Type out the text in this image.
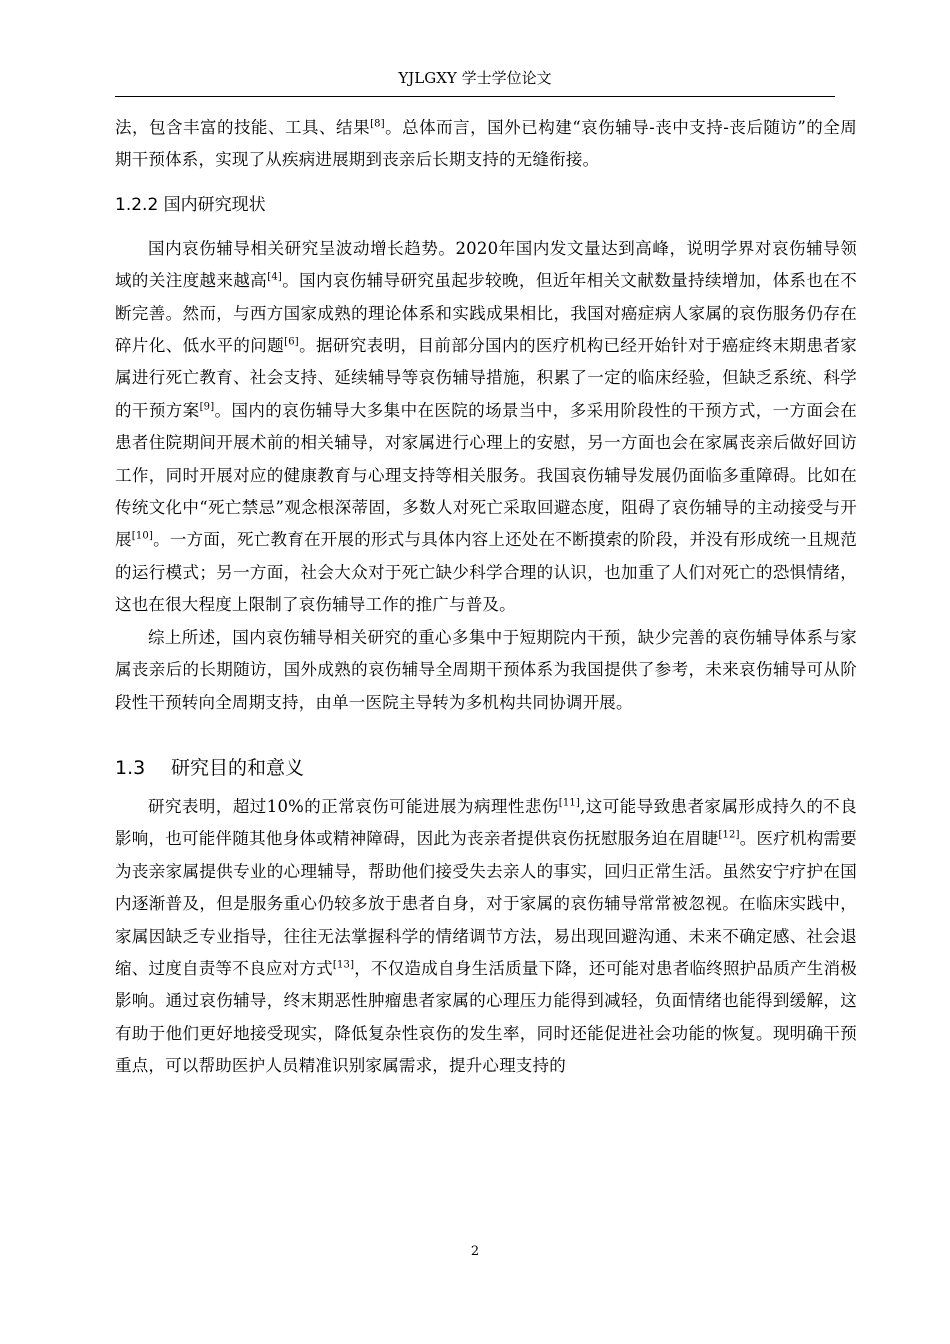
YJLGXY 学士学位论文

法，包含丰富的技能、工具、结果[8]。总体而言，国外已构建“哀伤辅导-丧中支持-丧后随访”的全周期干预体系，实现了从疾病进展期到丧亲后长期支持的无缝衔接。

1.2.2 国内研究现状

国内哀伤辅导相关研究呈波动增长趋势。2020年国内发文量达到高峰，说明学界对哀伤辅导领域的关注度越来越高[4]。国内哀伤辅导研究虽起步较晚，但近年相关文献数量持续增加，体系也在不断完善。然而，与西方国家成熟的理论体系和实践成果相比，我国对癌症病人家属的哀伤服务仍存在碎片化、低水平的问题[6]。据研究表明，目前部分国内的医疗机构已经开始针对于癌症终末期患者家属进行死亡教育、社会支持、延续辅导等哀伤辅导措施，积累了一定的临床经验，但缺乏系统、科学的干预方案[9]。国内的哀伤辅导大多集中在医院的场景当中，多采用阶段性的干预方式，一方面会在患者住院期间开展术前的相关辅导，对家属进行心理上的安慰，另一方面也会在家属丧亲后做好回访工作，同时开展对应的健康教育与心理支持等相关服务。我国哀伤辅导发展仍面临多重障碍。比如在传统文化中“死亡禁忌”观念根深蒂固，多数人对死亡采取回避态度，阻碍了哀伤辅导的主动接受与开展[10]。一方面，死亡教育在开展的形式与具体内容上还处在不断摸索的阶段，并没有形成统一且规范的运行模式；另一方面，社会大众对于死亡缺少科学合理的认识，也加重了人们对死亡的恐惧情绪，这也在很大程度上限制了哀伤辅导工作的推广与普及。

综上所述，国内哀伤辅导相关研究的重心多集中于短期院内干预，缺少完善的哀伤辅导体系与家属丧亲后的长期随访，国外成熟的哀伤辅导全周期干预体系为我国提供了参考，未来哀伤辅导可从阶段性干预转向全周期支持，由单一医院主导转为多机构共同协调开展。

1.3 研究目的和意义

研究表明，超过10%的正常哀伤可能进展为病理性悲伤[11],这可能导致患者家属形成持久的不良影响，也可能伴随其他身体或精神障碍，因此为丧亲者提供哀伤抚慰服务迫在眉睫[12]。医疗机构需要为丧亲家属提供专业的心理辅导，帮助他们接受失去亲人的事实，回归正常生活。虽然安宁疗护在国内逐渐普及，但是服务重心仍较多放于患者自身，对于家属的哀伤辅导常常被忽视。在临床实践中，家属因缺乏专业指导，往往无法掌握科学的情绪调节方法，易出现回避沟通、未来不确定感、社会退缩、过度自责等不良应对方式[13]，不仅造成自身生活质量下降，还可能对患者临终照护品质产生消极影响。通过哀伤辅导，终末期恶性肿瘤患者家属的心理压力能得到减轻，负面情绪也能得到缓解，这有助于他们更好地接受现实，降低复杂性哀伤的发生率，同时还能促进社会功能的恢复。现明确干预重点，可以帮助医护人员精准识别家属需求，提升心理支持的

2
